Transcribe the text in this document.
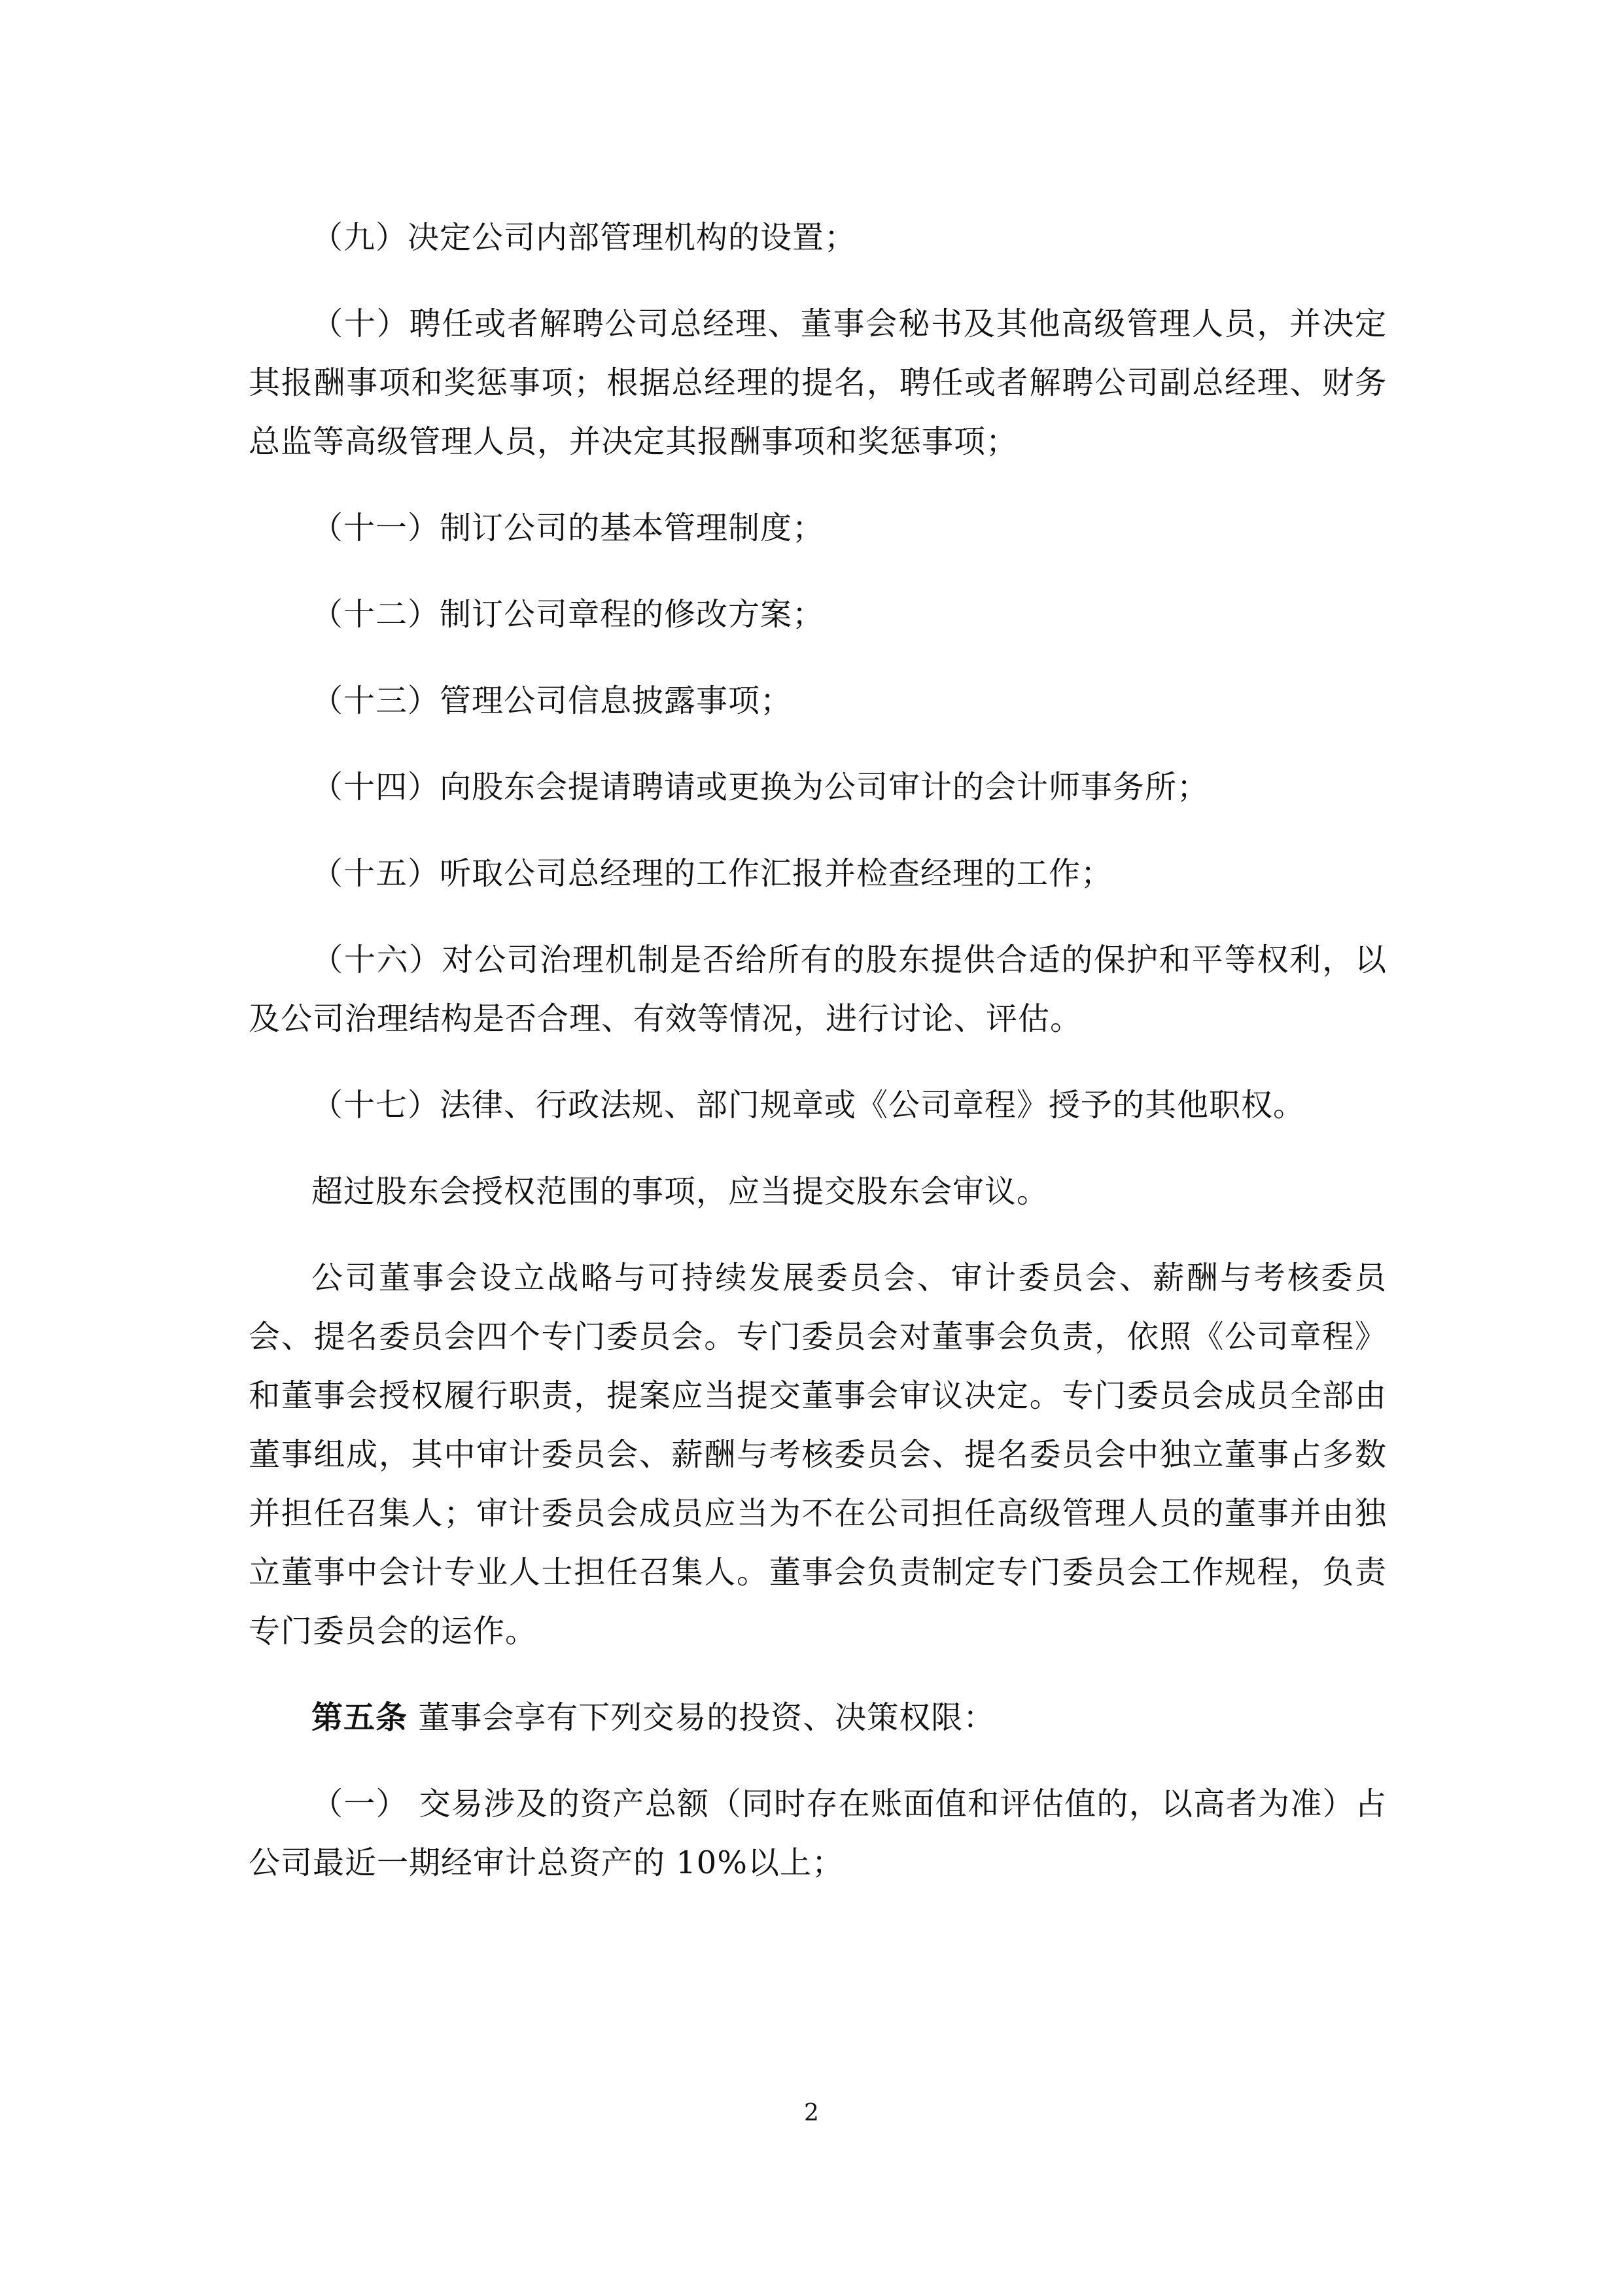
（九）决定公司内部管理机构的设置；

（十）聘任或者解聘公司总经理、董事会秘书及其他高级管理人员，并决定其报酬事项和奖惩事项；根据总经理的提名，聘任或者解聘公司副总经理、财务总监等高级管理人员，并决定其报酬事项和奖惩事项；

（十一）制订公司的基本管理制度；

（十二）制订公司章程的修改方案；

（十三）管理公司信息披露事项；

（十四）向股东会提请聘请或更换为公司审计的会计师事务所；

（十五）听取公司总经理的工作汇报并检查经理的工作；

（十六）对公司治理机制是否给所有的股东提供合适的保护和平等权利，以及公司治理结构是否合理、有效等情况，进行讨论、评估。

（十七）法律、行政法规、部门规章或《公司章程》授予的其他职权。

超过股东会授权范围的事项，应当提交股东会审议。

公司董事会设立战略与可持续发展委员会、审计委员会、薪酬与考核委员会、提名委员会四个专门委员会。专门委员会对董事会负责，依照《公司章程》和董事会授权履行职责，提案应当提交董事会审议决定。专门委员会成员全部由董事组成，其中审计委员会、薪酬与考核委员会、提名委员会中独立董事占多数并担任召集人；审计委员会成员应当为不在公司担任高级管理人员的董事并由独立董事中会计专业人士担任召集人。董事会负责制定专门委员会工作规程，负责专门委员会的运作。

第五条 董事会享有下列交易的投资、决策权限：

（一） 交易涉及的资产总额（同时存在账面值和评估值的，以高者为准）占公司最近一期经审计总资产的 10%以上；

2
